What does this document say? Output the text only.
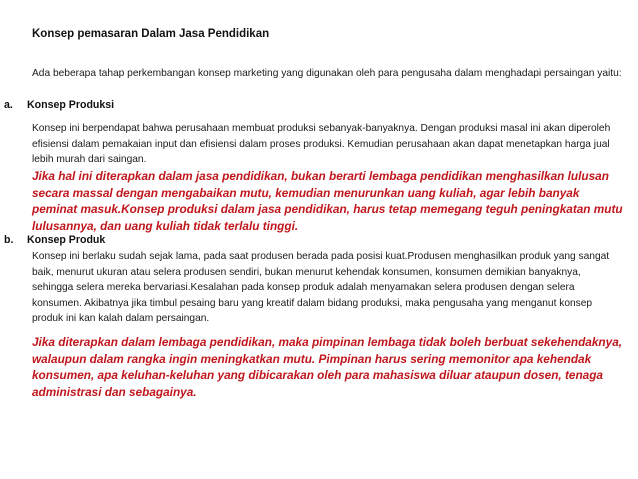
Konsep pemasaran Dalam Jasa Pendidikan
Ada beberapa tahap perkembangan konsep marketing yang digunakan oleh para pengusaha dalam menghadapi persaingan yaitu:
a. Konsep Produksi
Konsep ini berpendapat bahwa perusahaan membuat produksi sebanyak-banyaknya. Dengan produksi masal ini akan diperoleh efisiensi dalam pemakaian input dan efisiensi dalam proses produksi. Kemudian perusahaan akan dapat menetapkan harga jual lebih murah dari saingan.
Jika hal ini diterapkan dalam jasa pendidikan, bukan berarti lembaga pendidikan menghasilkan lulusan secara massal dengan mengabaikan mutu, kemudian menurunkan uang kuliah, agar lebih banyak peminat masuk.Konsep produksi dalam jasa pendidikan, harus tetap memegang teguh peningkatan mutu lulusannya, dan uang kuliah tidak terlalu tinggi.
b. Konsep Produk
Konsep ini berlaku sudah sejak lama, pada saat produsen berada pada posisi kuat.Produsen menghasilkan produk yang sangat baik, menurut ukuran atau selera produsen sendiri, bukan menurut kehendak konsumen, konsumen demikian banyaknya, sehingga selera mereka bervariasi.Kesalahan pada konsep produk adalah menyamakan selera produsen dengan selera konsumen. Akibatnya jika timbul pesaing baru yang kreatif dalam bidang produksi, maka pengusaha yang menganut konsep produk ini kan kalah dalam persaingan.
Jika diterapkan dalam lembaga pendidikan, maka pimpinan lembaga tidak boleh berbuat sekehendaknya, walaupun dalam rangka ingin meningkatkan mutu. Pimpinan harus sering memonitor apa kehendak konsumen, apa keluhan-keluhan yang dibicarakan oleh para mahasiswa diluar ataupun dosen, tenaga administrasi dan sebagainya.
